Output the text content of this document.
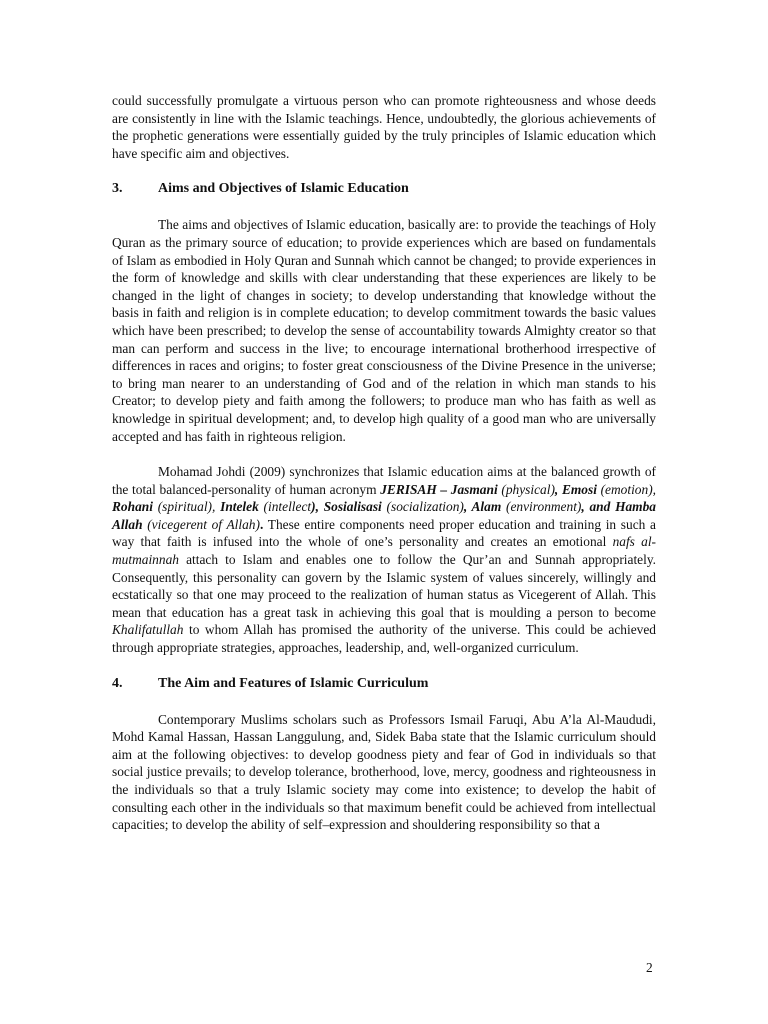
could successfully promulgate a virtuous person who can promote righteousness and whose deeds are consistently in line with the Islamic teachings. Hence, undoubtedly, the glorious achievements of the prophetic generations were essentially guided by the truly principles of Islamic education which have specific aim and objectives.

3.	Aims and Objectives of Islamic Education

The aims and objectives of Islamic education, basically are: to provide the teachings of Holy Quran as the primary source of education; to provide experiences which are based on fundamentals of Islam as embodied in Holy Quran and Sunnah which cannot be changed; to provide experiences in the form of knowledge and skills with clear understanding that these experiences are likely to be changed in the light of changes in society; to develop understanding that knowledge without the basis in faith and religion is in complete education; to develop commitment towards the basic values which have been prescribed; to develop the sense of accountability towards Almighty creator so that man can perform and success in the live; to encourage international brotherhood irrespective of differences in races and origins; to foster great consciousness of the Divine Presence in the universe; to bring man nearer to an understanding of God and of the relation in which man stands to his Creator; to develop piety and faith among the followers; to produce man who has faith as well as knowledge in spiritual development; and, to develop high quality of a good man who are universally accepted and has faith in righteous religion.

Mohamad Johdi (2009) synchronizes that Islamic education aims at the balanced growth of the total balanced-personality of human acronym JERISAH – Jasmani (physical), Emosi (emotion), Rohani (spiritual), Intelek (intellect), Sosialisasi (socialization), Alam (environment), and Hamba Allah (vicegerent of Allah). These entire components need proper education and training in such a way that faith is infused into the whole of one’s personality and creates an emotional nafs al-mutmainnah attach to Islam and enables one to follow the Qur’an and Sunnah appropriately. Consequently, this personality can govern by the Islamic system of values sincerely, willingly and ecstatically so that one may proceed to the realization of human status as Vicegerent of Allah. This mean that education has a great task in achieving this goal that is moulding a person to become Khalifatullah to whom Allah has promised the authority of the universe. This could be achieved through appropriate strategies, approaches, leadership, and, well-organized curriculum.

4.	The Aim and Features of Islamic Curriculum

Contemporary Muslims scholars such as Professors Ismail Faruqi, Abu A’la Al-Maududi, Mohd Kamal Hassan, Hassan Langgulung, and, Sidek Baba state that the Islamic curriculum should aim at the following objectives: to develop goodness piety and fear of God in individuals so that social justice prevails; to develop tolerance, brotherhood, love, mercy, goodness and righteousness in the individuals so that a truly Islamic society may come into existence; to develop the habit of consulting each other in the individuals so that maximum benefit could be achieved from intellectual capacities; to develop the ability of self–expression and shouldering responsibility so that a

2
